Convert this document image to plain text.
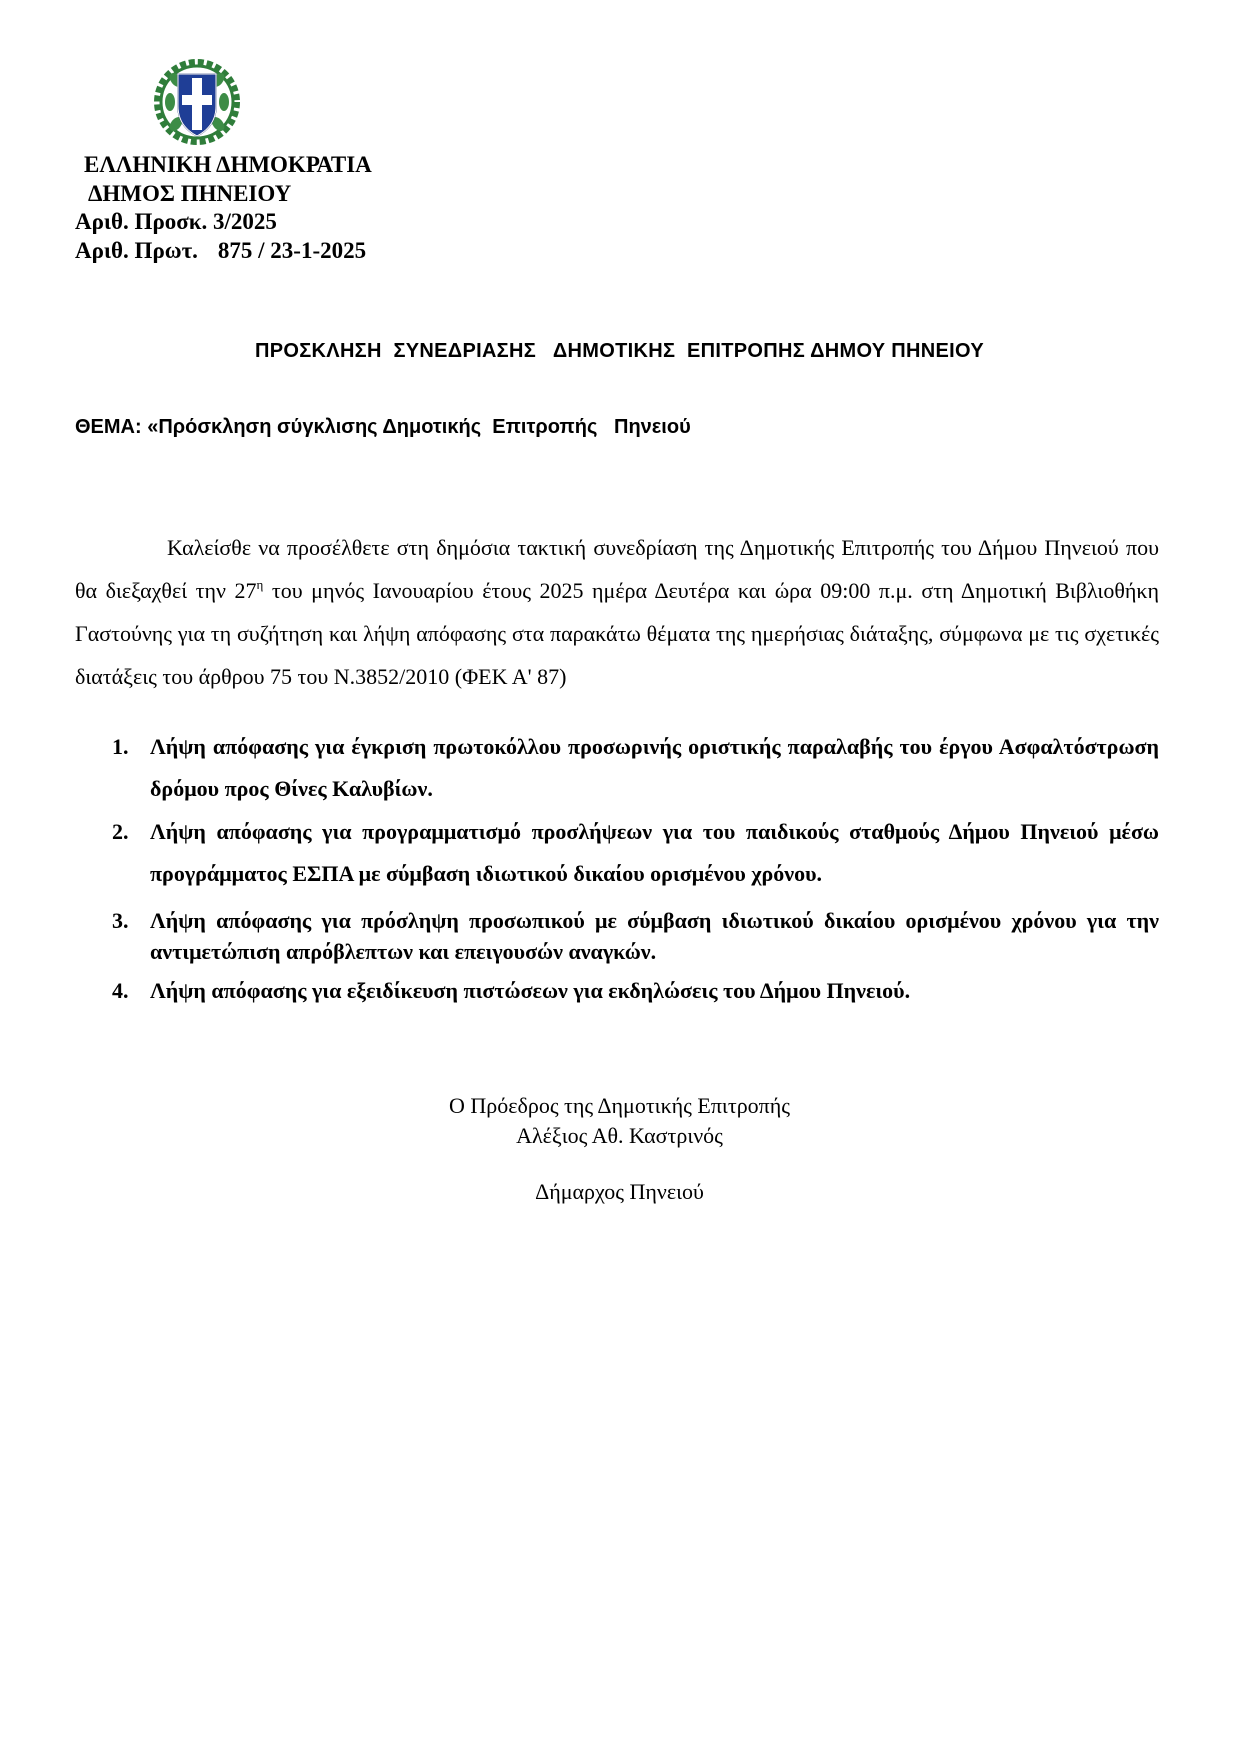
ΕΛΛΗΝΙΚΗ ΔΗΜΟΚΡΑΤΙΑ
ΔΗΜΟΣ ΠΗΝΕΙΟΥ
Αριθ. Προσκ. 3/2025
Αριθ. Πρωτ. 875 / 23-1-2025
ΠΡΟΣΚΛΗΣΗ  ΣΥΝΕΔΡΙΑΣΗΣ   ΔΗΜΟΤΙΚΗΣ  ΕΠΙΤΡΟΠΗΣ ΔΗΜΟΥ ΠΗΝΕΙΟΥ
ΘΕΜΑ: «Πρόσκληση σύγκλισης Δημοτικής  Επιτροπής   Πηνειού
Καλείσθε να προσέλθετε στη δημόσια τακτική συνεδρίαση της Δημοτικής Επιτροπής του Δήμου Πηνειού που θα διεξαχθεί την $27^\eta$ του μηνός Ιανουαρίου έτους 2025 ημέρα Δευτέρα και ώρα 09:00 π.μ. στη Δημοτική Βιβλιοθήκη Γαστούνης για τη συζήτηση και λήψη απόφασης στα παρακάτω θέματα της ημερήσιας διάταξης, σύμφωνα με τις σχετικές διατάξεις του άρθρου 75 του Ν.3852/2010 (ΦΕΚ Α' 87)
1. Λήψη απόφασης για έγκριση πρωτοκόλλου προσωρινής οριστικής παραλαβής του έργου Ασφαλτόστρωση δρόμου προς Θίνες Καλυβίων.
2. Λήψη απόφασης για προγραμματισμό προσλήψεων για του παιδικούς σταθμούς Δήμου Πηνειού μέσω προγράμματος ΕΣΠΑ με σύμβαση ιδιωτικού δικαίου ορισμένου χρόνου.
3. Λήψη απόφασης για πρόσληψη προσωπικού με σύμβαση ιδιωτικού δικαίου ορισμένου χρόνου για την αντιμετώπιση απρόβλεπτων και επειγουσών αναγκών.
4. Λήψη απόφασης για εξειδίκευση πιστώσεων για εκδηλώσεις του Δήμου Πηνειού.
Ο Πρόεδρος της Δημοτικής Επιτροπής
Αλέξιος Αθ. Καστρινός
Δήμαρχος Πηνειού
